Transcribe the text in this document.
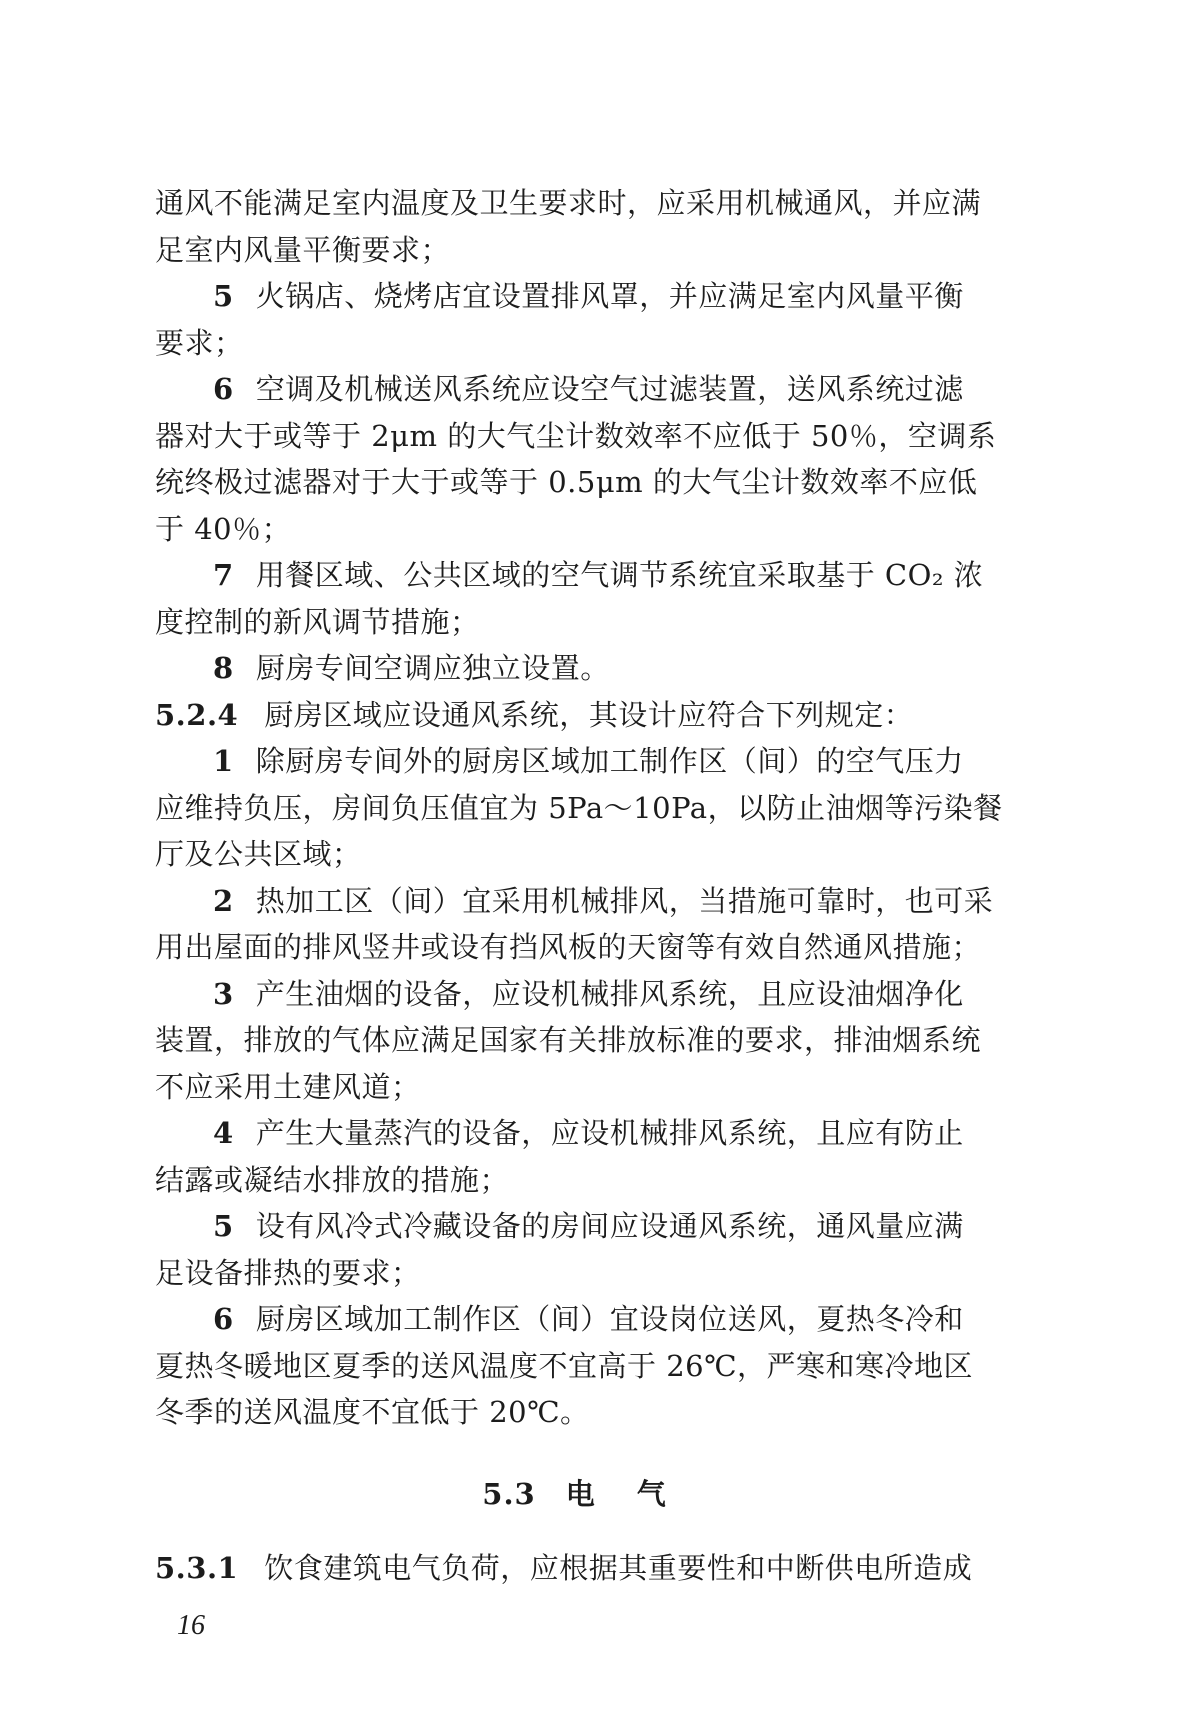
通风不能满足室内温度及卫生要求时，应采用机械通风，并应满
足室内风量平衡要求；
5 火锅店、烧烤店宜设置排风罩，并应满足室内风量平衡
要求；
6 空调及机械送风系统应设空气过滤装置，送风系统过滤
器对大于或等于 2μm 的大气尘计数效率不应低于 50％，空调系
统终极过滤器对于大于或等于 0.5μm 的大气尘计数效率不应低
于 40％；
7 用餐区域、公共区域的空气调节系统宜采取基于 CO₂ 浓
度控制的新风调节措施；
8 厨房专间空调应独立设置。
5.2.4 厨房区域应设通风系统，其设计应符合下列规定：
1 除厨房专间外的厨房区域加工制作区（间）的空气压力
应维持负压，房间负压值宜为 5Pa～10Pa，以防止油烟等污染餐
厅及公共区域；
2 热加工区（间）宜采用机械排风，当措施可靠时，也可采
用出屋面的排风竖井或设有挡风板的天窗等有效自然通风措施；
3 产生油烟的设备，应设机械排风系统，且应设油烟净化
装置，排放的气体应满足国家有关排放标准的要求，排油烟系统
不应采用土建风道；
4 产生大量蒸汽的设备，应设机械排风系统，且应有防止
结露或凝结水排放的措施；
5 设有风冷式冷藏设备的房间应设通风系统，通风量应满
足设备排热的要求；
6 厨房区域加工制作区（间）宜设岗位送风，夏热冬冷和
夏热冬暖地区夏季的送风温度不宜高于 26℃，严寒和寒冷地区
冬季的送风温度不宜低于 20℃。
5.3 电气
5.3.1 饮食建筑电气负荷，应根据其重要性和中断供电所造成
16
